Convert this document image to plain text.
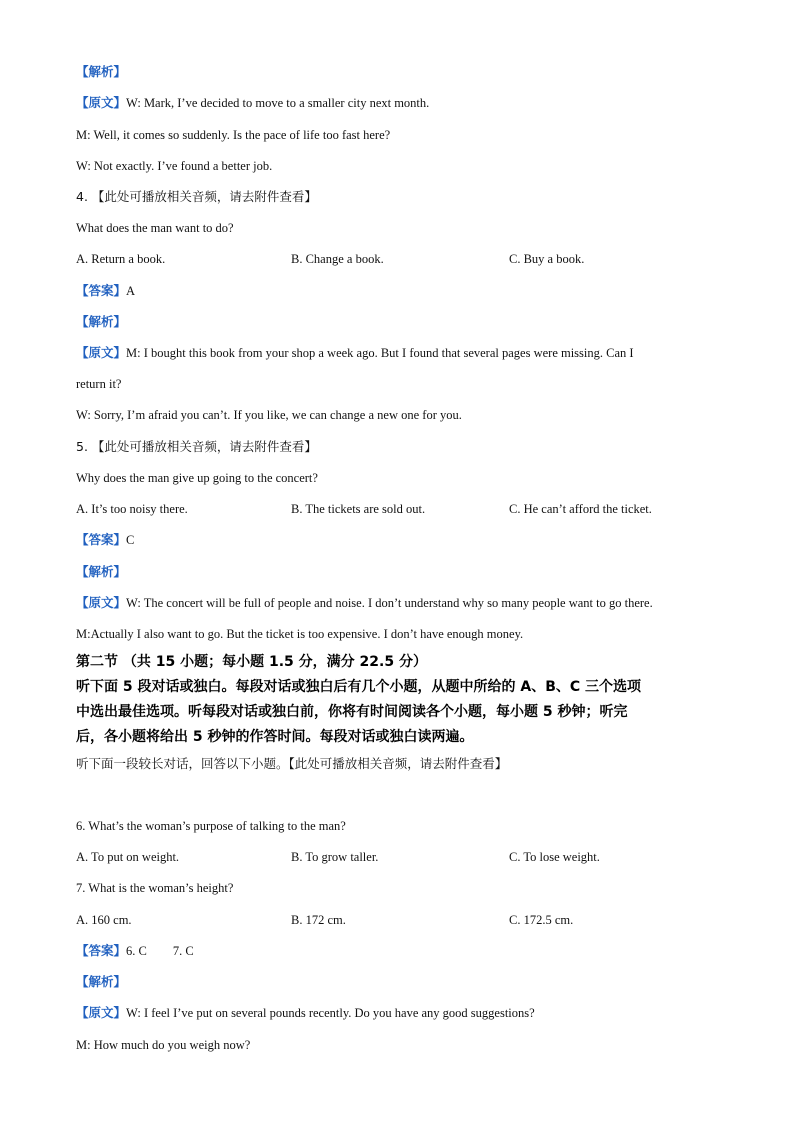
【解析】
【原文】W: Mark, I’ve decided to move to a smaller city next month.
M: Well, it comes so suddenly. Is the pace of life too fast here?
W: Not exactly. I’ve found a better job.
4. 【此处可播放相关音频，请去附件查看】
What does the man want to do?
A. Return a book.	B. Change a book.	C. Buy a book.
【答案】A
【解析】
【原文】M: I bought this book from your shop a week ago. But I found that several pages were missing. Can I
return it?
W: Sorry, I’m afraid you can’t. If you like, we can change a new one for you.
5. 【此处可播放相关音频，请去附件查看】
Why does the man give up going to the concert?
A. It’s too noisy there.	B. The tickets are sold out.	C. He can’t afford the ticket.
【答案】C
【解析】
【原文】W: The concert will be full of people and noise. I don’t understand why so many people want to go there.
M:Actually I also want to go. But the ticket is too expensive. I don’t have enough money.
第二节 （共 15 小题；每小题 1.5 分，满分 22.5 分）
听下面 5 段对话或独白。每段对话或独白后有几个小题，从题中所给的 A、B、C 三个选项
中选出最佳选项。听每段对话或独白前，你将有时间阅读各个小题，每小题 5 秒钟；听完
后，各小题将给出 5 秒钟的作答时间。每段对话或独白读两遍。
听下面一段较长对话，回答以下小题。【此处可播放相关音频，请去附件查看】
6. What’s the woman’s purpose of talking to the man?
A. To put on weight.	B. To grow taller.	C. To lose weight.
7. What is the woman’s height?
A. 160 cm.	B. 172 cm.	C. 172.5 cm.
【答案】6. C 7. C
【解析】
【原文】W: I feel I’ve put on several pounds recently. Do you have any good suggestions?
M: How much do you weigh now?
